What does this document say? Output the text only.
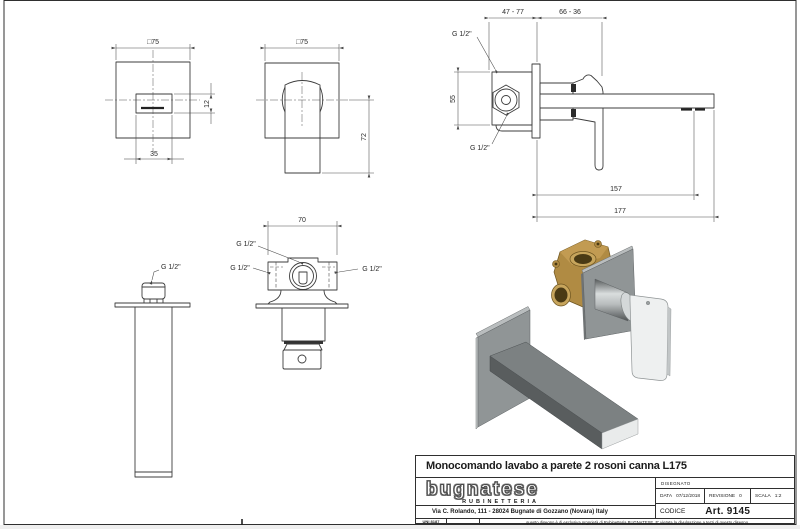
□75
12
35
□75
72
47 - 77	66 - 36
G 1/2"
G 1/2"
55
157
177
70
G 1/2"
G 1/2"	G 1/2"
G 1/2"
Monocomando lavabo a parete 2 rosoni canna L175
bugnatese
RUBINETTERIA
Via C. Rolando, 111 - 28024 Bugnate di Gozzano (Novara) Italy
DISEGNATO
DATA 07/12/2018 REVISIONE 0	SCALA 1:2
CODICE Art. 9145
UNI 8187	questo disegno è di esclusiva proprietà di Rubinetteria BUGNATESE. E' vietata la divulgazione a terzi di questo disegno
